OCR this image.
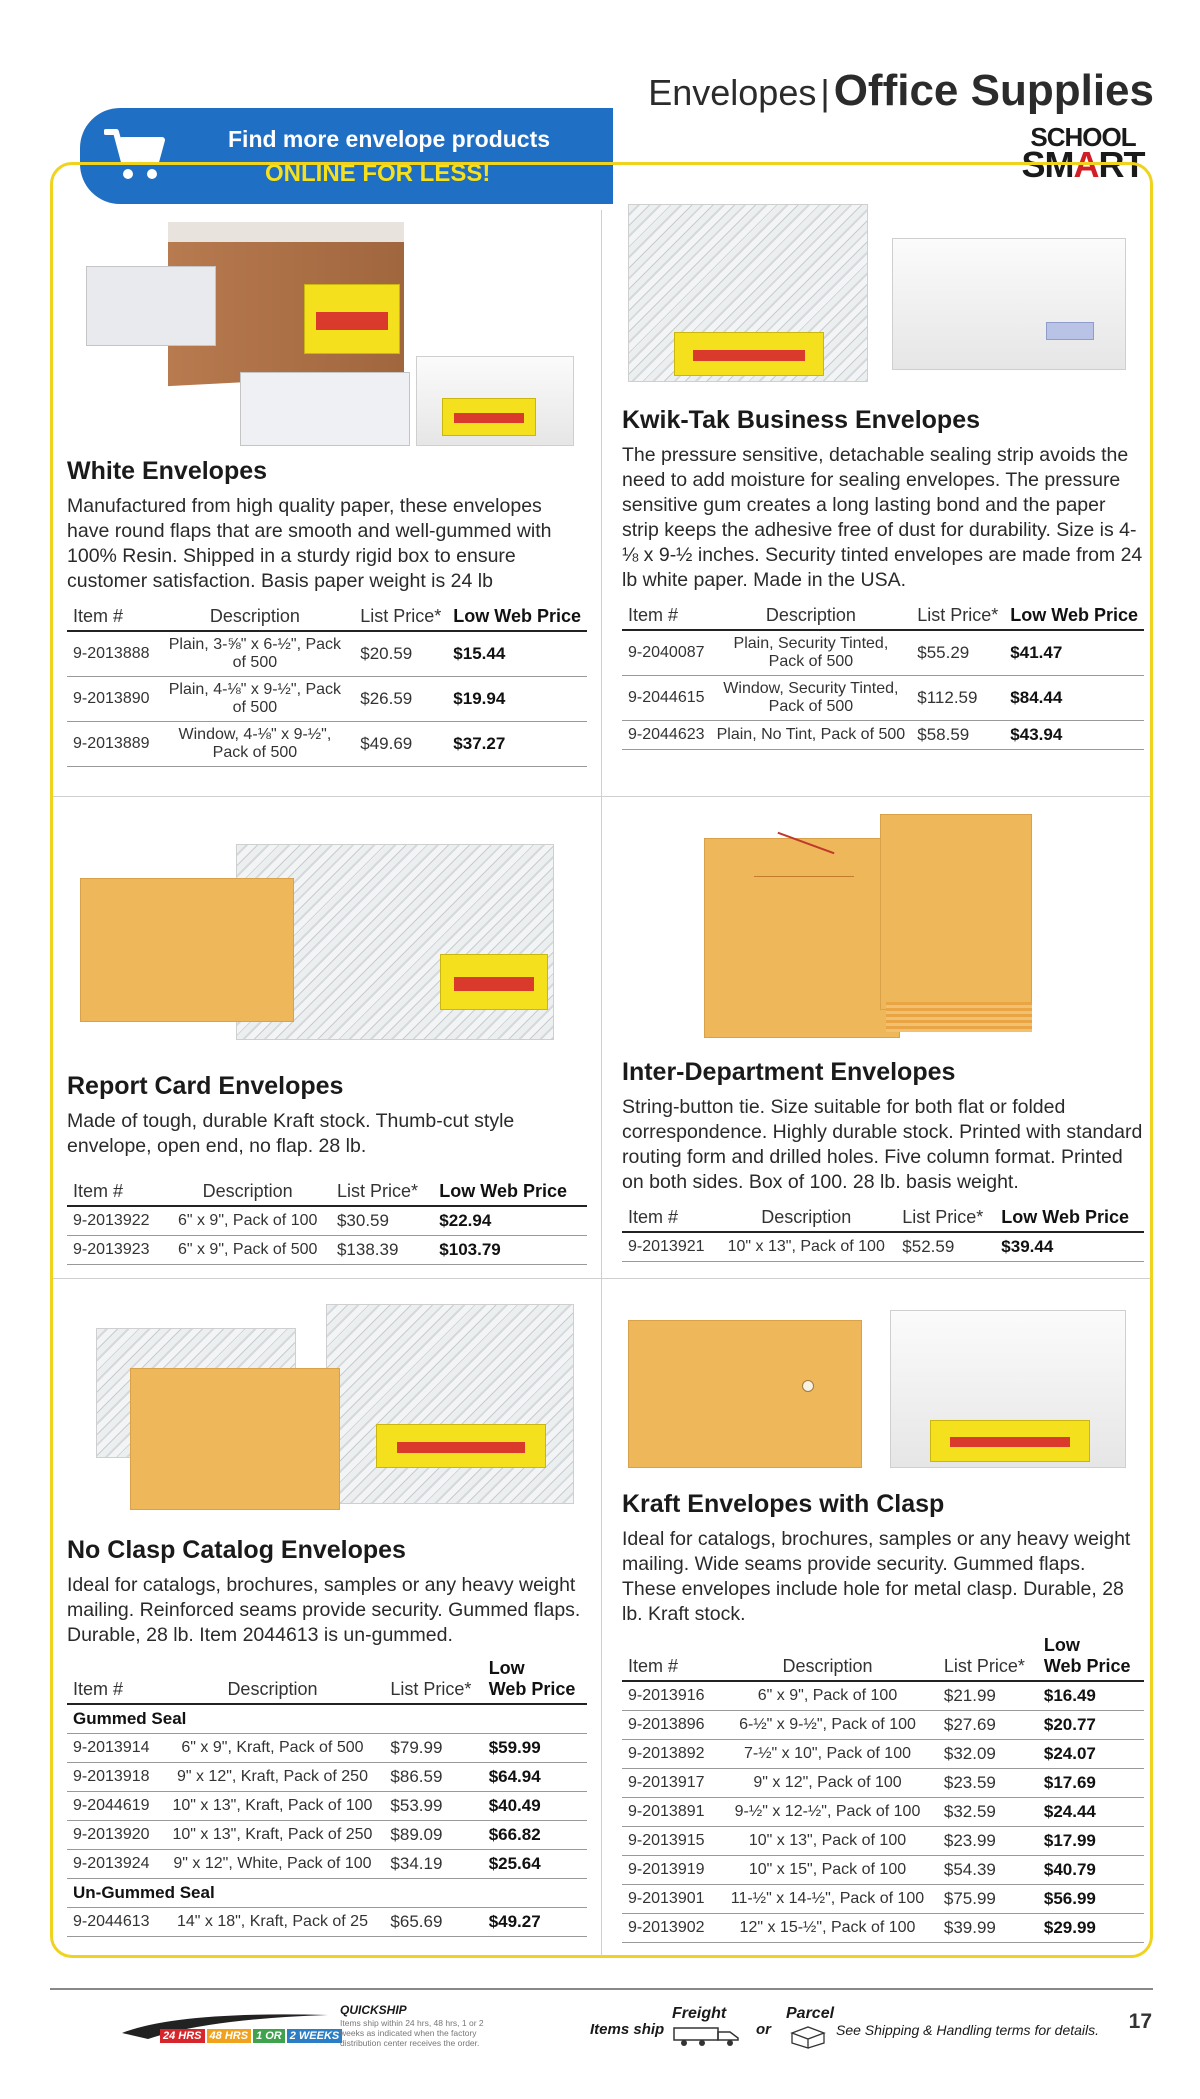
Envelopes |Office Supplies
Find more envelope products
ONLINE FOR LESS!
SCHOOL
SMART
White Envelopes

Manufactured from high quality paper, these envelopes have round flaps that are smooth and well-gummed with 100% Resin. Shipped in a sturdy rigid box to ensure customer satisfaction. Basis paper weight is 24 lb

Item #	Description	List Price*	Low Web Price
9-2013888	Plain, 3-⅝" x 6-½", Pack of 500	$20.59	$15.44
9-2013890	Plain, 4-⅛" x 9-½", Pack of 500	$26.59	$19.94
9-2013889	Window, 4-⅛" x 9-½", Pack of 500	$49.69	$37.27
Kwik-Tak Business Envelopes

The pressure sensitive, detachable sealing strip avoids the need to add moisture for sealing envelopes. The pressure sensitive gum creates a long lasting bond and the paper strip keeps the adhesive free of dust for durability. Size is 4-⅛ x 9-½ inches. Security tinted envelopes are made from 24 lb white paper. Made in the USA.

Item #	Description	List Price*	Low Web Price
9-2040087	Plain, Security Tinted, Pack of 500	$55.29	$41.47
9-2044615	Window, Security Tinted, Pack of 500	$112.59	$84.44
9-2044623	Plain, No Tint, Pack of 500	$58.59	$43.94
Report Card Envelopes

Made of tough, durable Kraft stock. Thumb-cut style envelope, open end, no flap. 28 lb.

Item #	Description	List Price*	Low Web Price
9-2013922	6" x 9", Pack of 100	$30.59	$22.94
9-2013923	6" x 9", Pack of 500	$138.39	$103.79
Inter-Department Envelopes

String-button tie. Size suitable for both flat or folded correspondence. Highly durable stock. Printed with standard routing form and drilled holes. Five column format. Printed on both sides. Box of 100. 28 lb. basis weight.

Item #	Description	List Price*	Low Web Price
9-2013921	10" x 13", Pack of 100	$52.59	$39.44
No Clasp Catalog Envelopes

Ideal for catalogs, brochures, samples or any heavy weight mailing. Reinforced seams provide security. Gummed flaps. Durable, 28 lb. Item 2044613 is un-gummed.

Item #	Description	List Price*	Low
Web Price
Gummed Seal			
9-2013914	6" x 9", Kraft, Pack of 500	$79.99	$59.99
9-2013918	9" x 12", Kraft, Pack of 250	$86.59	$64.94
9-2044619	10" x 13", Kraft, Pack of 100	$53.99	$40.49
9-2013920	10" x 13", Kraft, Pack of 250	$89.09	$66.82
9-2013924	9" x 12", White, Pack of 100	$34.19	$25.64
Un-Gummed Seal			
9-2044613	14" x 18", Kraft, Pack of 25	$65.69	$49.27
Kraft Envelopes with Clasp

Ideal for catalogs, brochures, samples or any heavy weight mailing. Wide seams provide security. Gummed flaps. These envelopes include hole for metal clasp. Durable, 28 lb. Kraft stock.

Item #	Description	List Price*	Low
Web Price
9-2013916	6" x 9", Pack of 100	$21.99	$16.49
9-2013896	6-½" x 9-½", Pack of 100	$27.69	$20.77
9-2013892	7-½" x 10", Pack of 100	$32.09	$24.07
9-2013917	9" x 12", Pack of 100	$23.59	$17.69
9-2013891	9-½" x 12-½", Pack of 100	$32.59	$24.44
9-2013915	10" x 13", Pack of 100	$23.99	$17.99
9-2013919	10" x 15", Pack of 100	$54.39	$40.79
9-2013901	11-½" x 14-½", Pack of 100	$75.99	$56.99
9-2013902	12" x 15-½", Pack of 100	$39.99	$29.99
24 HRS 48 HRS 1 OR 2 WEEKS
QUICKSHIP
Items ship within 24 hrs, 48 hrs, 1 or 2 weeks as indicated when the factory distribution center receives the order.
Items ship
Freight
or
Parcel
See Shipping & Handling terms for details. 17
